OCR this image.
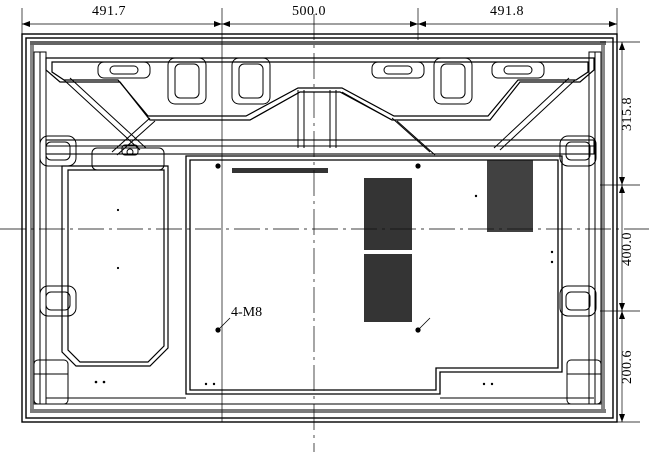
491.7	500.0	491.8
315.8
400.0
200.6
4-M8
